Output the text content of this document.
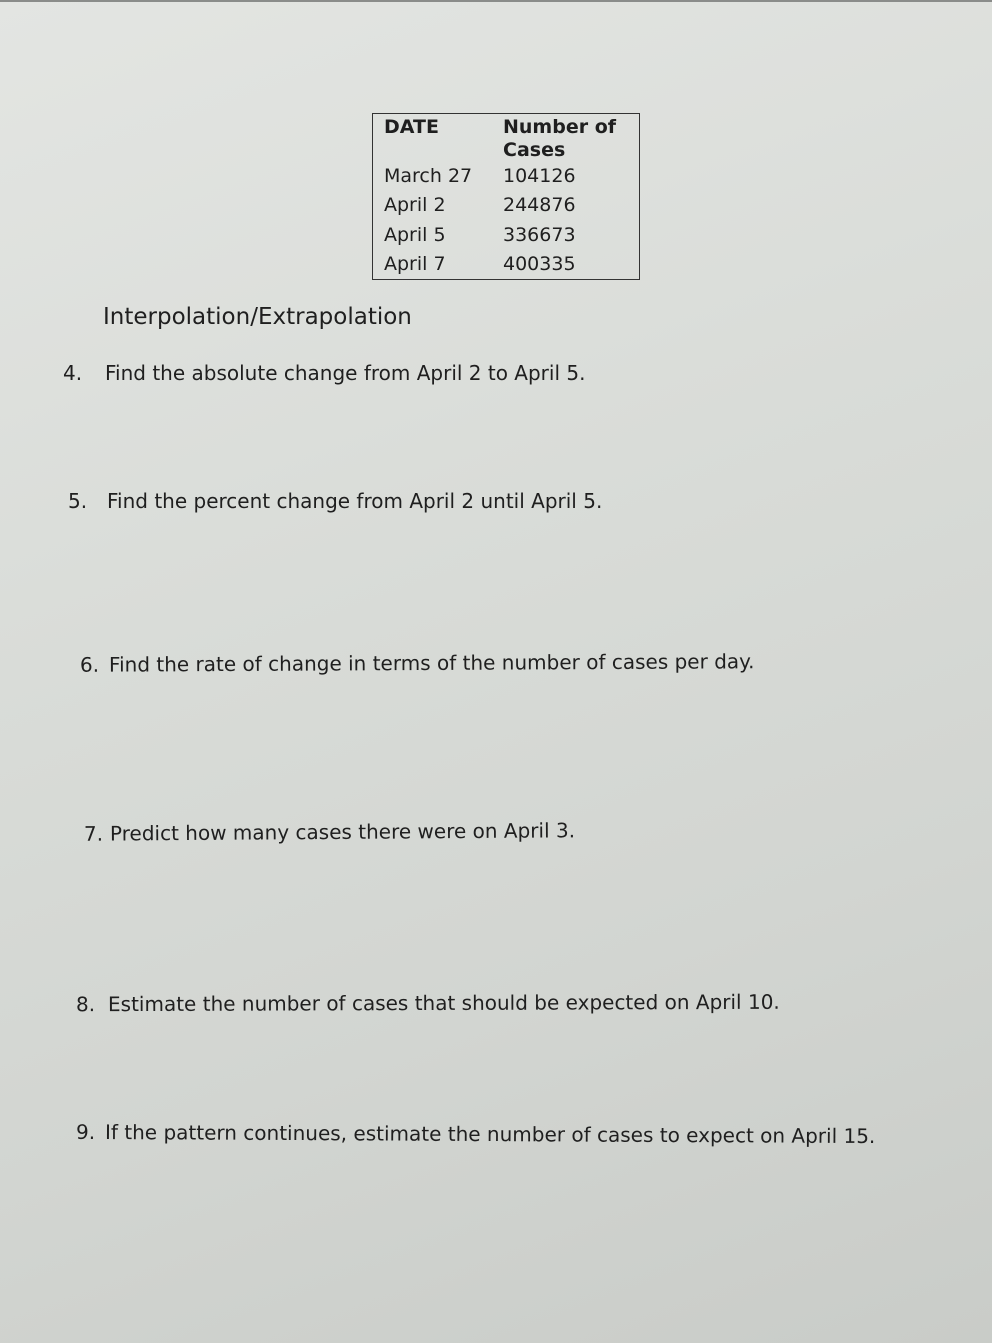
DATE	Number of Cases
March 27	104126
April 2	244876
April 5	336673
April 7	400335
Interpolation/Extrapolation
4. Find the absolute change from April 2 to April 5.
5. Find the percent change from April 2 until April 5.
6. Find the rate of change in terms of the number of cases per day.
7. Predict how many cases there were on April 3.
8. Estimate the number of cases that should be expected on April 10.
9. If the pattern continues, estimate the number of cases to expect on April 15.
